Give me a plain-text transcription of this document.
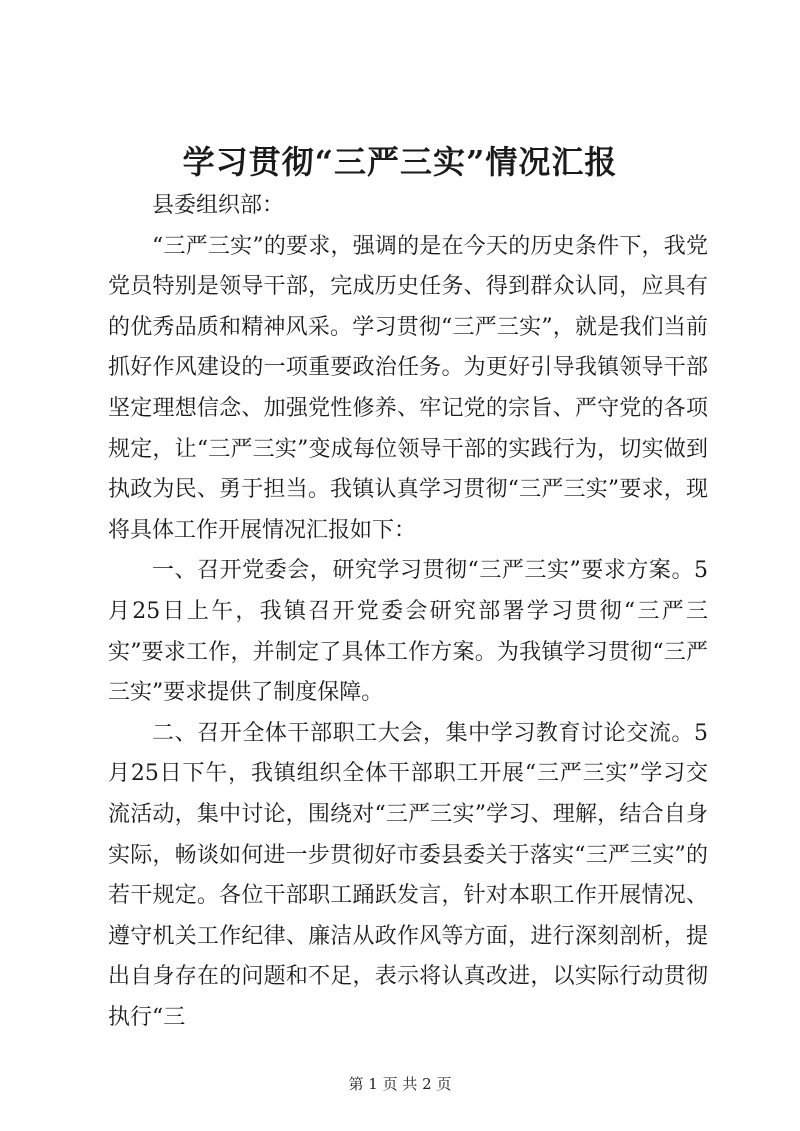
学习贯彻“三严三实”情况汇报

县委组织部：

“三严三实”的要求，强调的是在今天的历史条件下，我党党员特别是领导干部，完成历史任务、得到群众认同，应具有的优秀品质和精神风采。学习贯彻“三严三实”，就是我们当前抓好作风建设的一项重要政治任务。为更好引导我镇领导干部坚定理想信念、加强党性修养、牢记党的宗旨、严守党的各项规定，让“三严三实”变成每位领导干部的实践行为，切实做到执政为民、勇于担当。我镇认真学习贯彻“三严三实”要求，现将具体工作开展情况汇报如下：

一、召开党委会，研究学习贯彻“三严三实”要求方案。5月25日上午，我镇召开党委会研究部署学习贯彻“三严三实”要求工作，并制定了具体工作方案。为我镇学习贯彻“三严三实”要求提供了制度保障。

二、召开全体干部职工大会，集中学习教育讨论交流。5月25日下午，我镇组织全体干部职工开展“三严三实”学习交流活动，集中讨论，围绕对“三严三实”学习、理解，结合自身实际，畅谈如何进一步贯彻好市委县委关于落实“三严三实”的若干规定。各位干部职工踊跃发言，针对本职工作开展情况、遵守机关工作纪律、廉洁从政作风等方面，进行深刻剖析，提出自身存在的问题和不足，表示将认真改进，以实际行动贯彻执行“三

第 1 页 共 2 页
